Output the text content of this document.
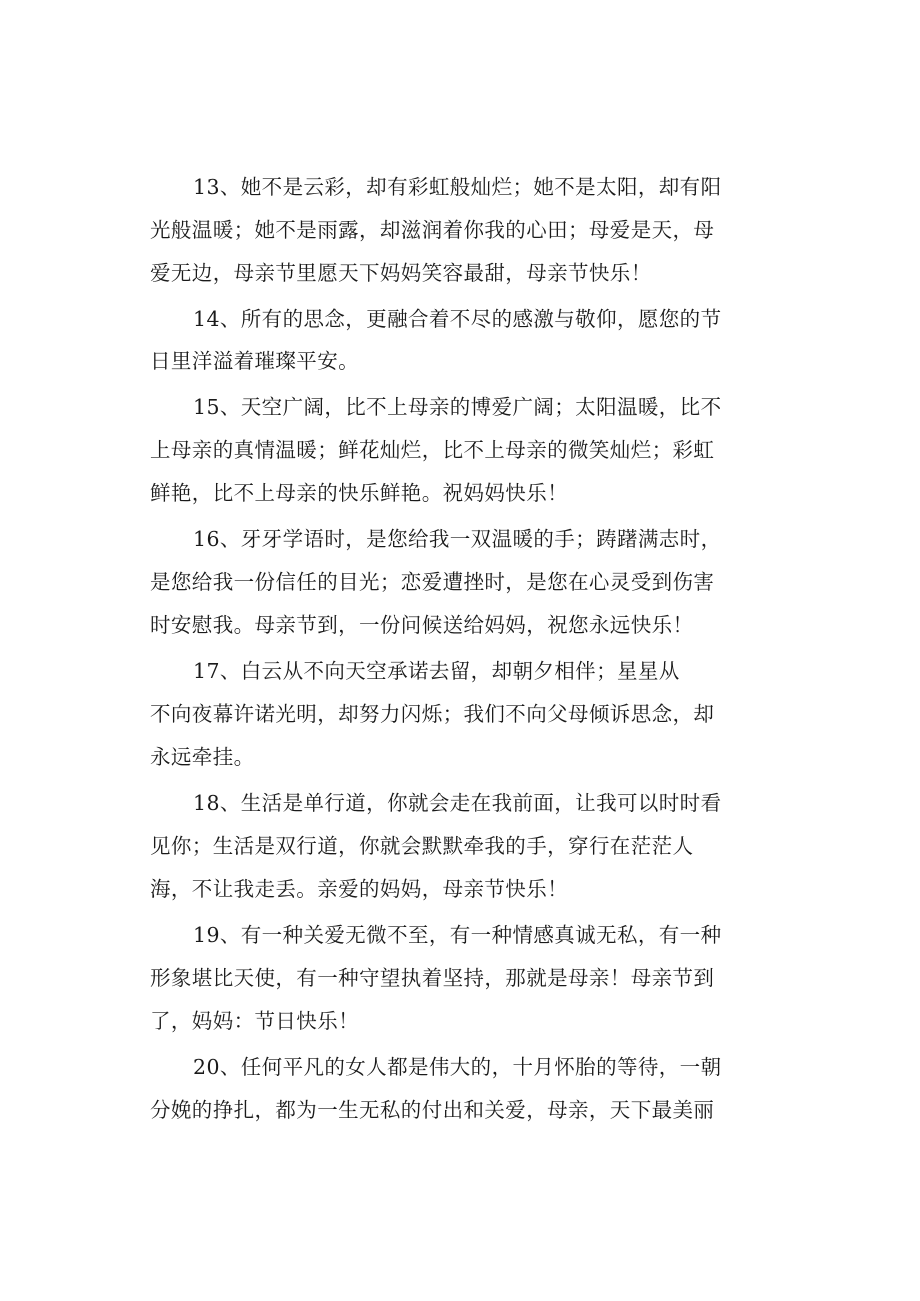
13、她不是云彩，却有彩虹般灿烂；她不是太阳，却有阳
光般温暖；她不是雨露，却滋润着你我的心田；母爱是天，母
爱无边，母亲节里愿天下妈妈笑容最甜，母亲节快乐！
14、所有的思念，更融合着不尽的感激与敬仰，愿您的节
日里洋溢着璀璨平安。
15、天空广阔，比不上母亲的博爱广阔；太阳温暖，比不
上母亲的真情温暖；鲜花灿烂，比不上母亲的微笑灿烂；彩虹
鲜艳，比不上母亲的快乐鲜艳。祝妈妈快乐！
16、牙牙学语时，是您给我一双温暖的手；踌躇满志时，
是您给我一份信任的目光；恋爱遭挫时，是您在心灵受到伤害
时安慰我。母亲节到，一份问候送给妈妈，祝您永远快乐！
17、白云从不向天空承诺去留，却朝夕相伴；星星从
不向夜幕许诺光明，却努力闪烁；我们不向父母倾诉思念，却
永远牵挂。
18、生活是单行道，你就会走在我前面，让我可以时时看
见你；生活是双行道，你就会默默牵我的手，穿行在茫茫人
海，不让我走丢。亲爱的妈妈，母亲节快乐！
19、有一种关爱无微不至，有一种情感真诚无私，有一种
形象堪比天使，有一种守望执着坚持，那就是母亲！母亲节到
了，妈妈：节日快乐！
20、任何平凡的女人都是伟大的，十月怀胎的等待，一朝
分娩的挣扎，都为一生无私的付出和关爱，母亲，天下最美丽
